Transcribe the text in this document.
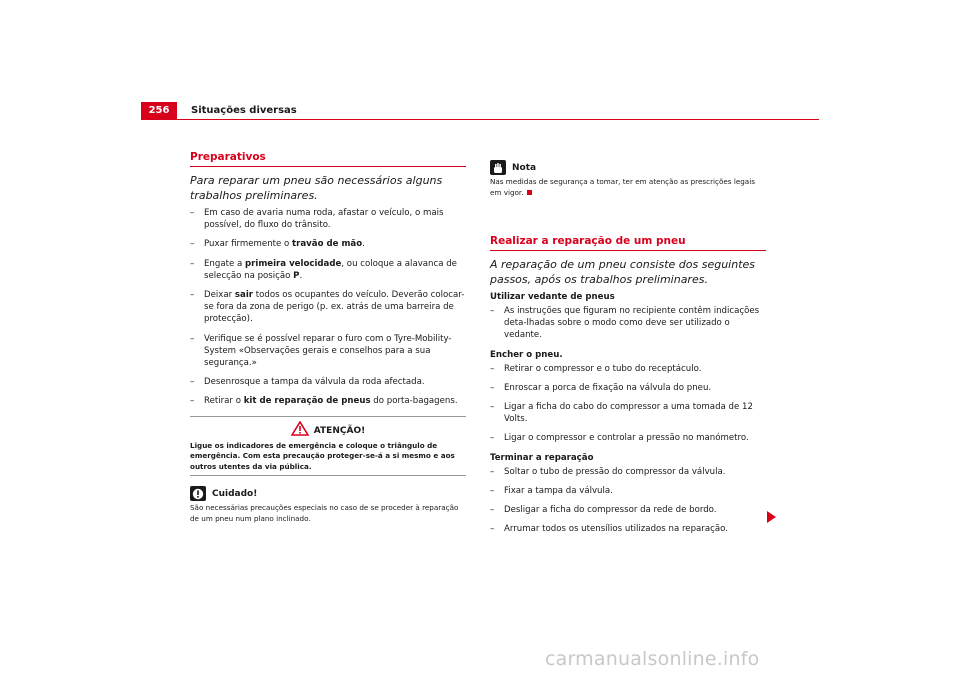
256	Situações diversas
Preparativos
Para reparar um pneu são necessários alguns trabalhos preliminares.
– Em caso de avaria numa roda, afastar o veículo, o mais possível, do fluxo do trânsito.
– Puxar firmemente o travão de mão.
– Engate a primeira velocidade, ou coloque a alavanca de selecção na posição P.
– Deixar sair todos os ocupantes do veículo. Deverão colocar-se fora da zona de perigo (p. ex. atrás de uma barreira de protecção).
– Verifique se é possível reparar o furo com o Tyre-Mobility-System «Observações gerais e conselhos para a sua segurança.»
– Desenrosque a tampa da válvula da roda afectada.
– Retirar o kit de reparação de pneus do porta-bagagens.
ATENÇÃO!
Ligue os indicadores de emergência e coloque o triângulo de emergência. Com esta precaução proteger-se-á a si mesmo e aos outros utentes da via pública.
Cuidado!
São necessárias precauções especiais no caso de se proceder à reparação de um pneu num plano inclinado.
Nota
Nas medidas de segurança a tomar, ter em atenção as prescrições legais em vigor.
Realizar a reparação de um pneu
A reparação de um pneu consiste dos seguintes passos, após os trabalhos preliminares.
Utilizar vedante de pneus
– As instruções que figuram no recipiente contêm indicações deta-lhadas sobre o modo como deve ser utilizado o vedante.
Encher o pneu.
– Retirar o compressor e o tubo do receptáculo.
– Enroscar a porca de fixação na válvula do pneu.
– Ligar a ficha do cabo do compressor a uma tomada de 12 Volts.
– Ligar o compressor e controlar a pressão no manómetro.
Terminar a reparação
– Soltar o tubo de pressão do compressor da válvula.
– Fixar a tampa da válvula.
– Desligar a ficha do compressor da rede de bordo.
– Arrumar todos os utensílios utilizados na reparação.
carmanualsonline.info
